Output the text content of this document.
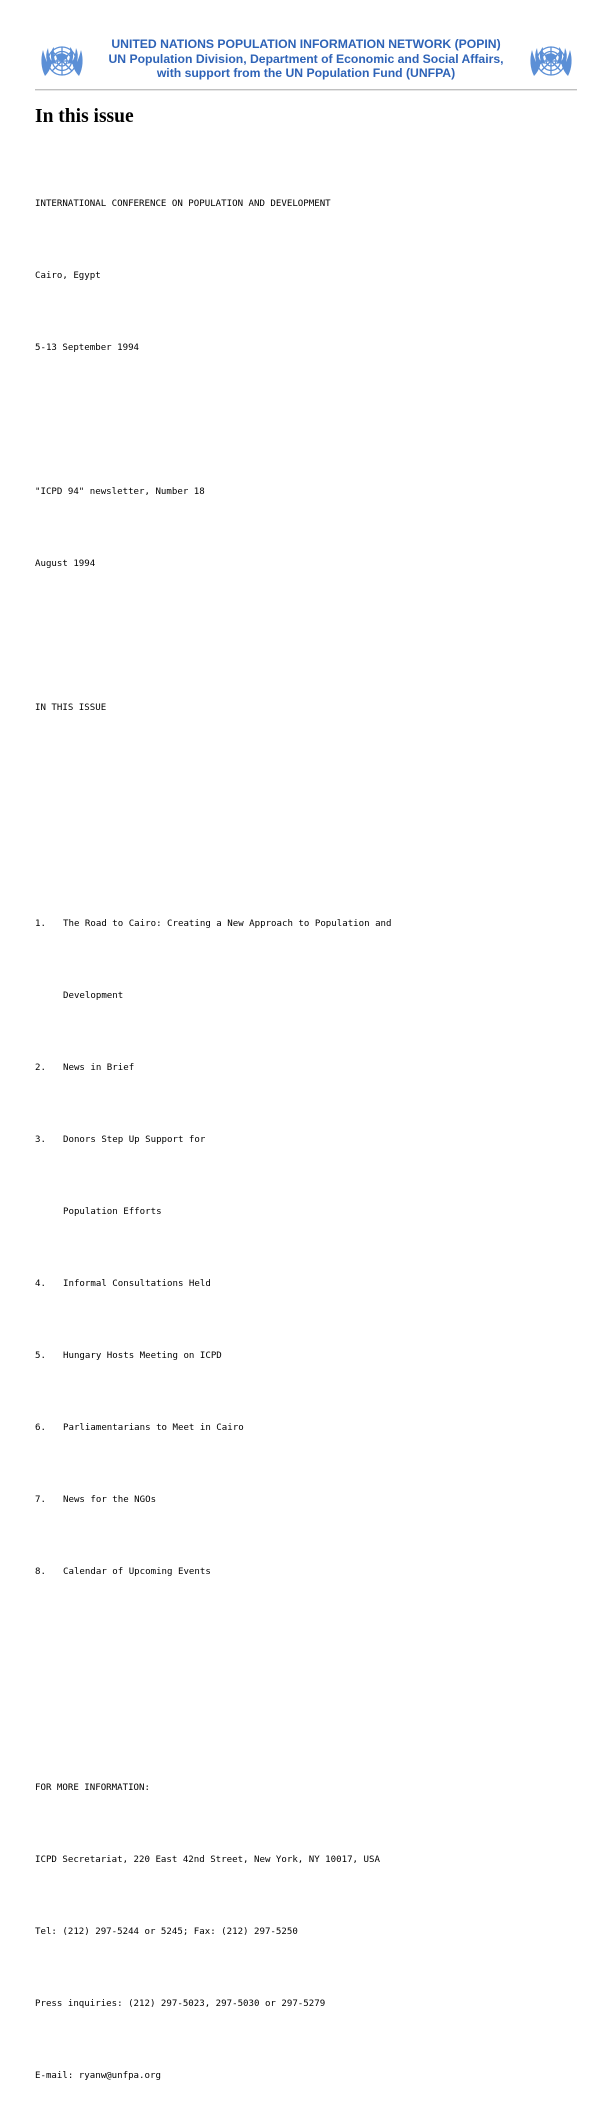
UNITED NATIONS POPULATION INFORMATION NETWORK (POPIN)
UN Population Division, Department of Economic and Social Affairs,
with support from the UN Population Fund (UNFPA)
In this issue

INTERNATIONAL CONFERENCE ON POPULATION AND DEVELOPMENT

Cairo, Egypt

5-13 September 1994

"ICPD 94" newsletter, Number 18

August 1994

IN THIS ISSUE

1.

The Road to Cairo: Creating a New Approach to Population and

Development

2.

News in Brief

3.

Donors Step Up Support for

Population Efforts

4.

Informal Consultations Held

5.

Hungary Hosts Meeting on ICPD

6.

Parliamentarians to Meet in Cairo

7.

News for the NGOs

8.

Calendar of Upcoming Events

FOR MORE INFORMATION:

ICPD Secretariat, 220 East 42nd Street, New York, NY 10017, USA

Tel: (212) 297-5244 or 5245; Fax: (212) 297-5250

Press inquiries: (212) 297-5023, 297-5030 or 297-5279

E-mail: ryanw@unfpa.org
